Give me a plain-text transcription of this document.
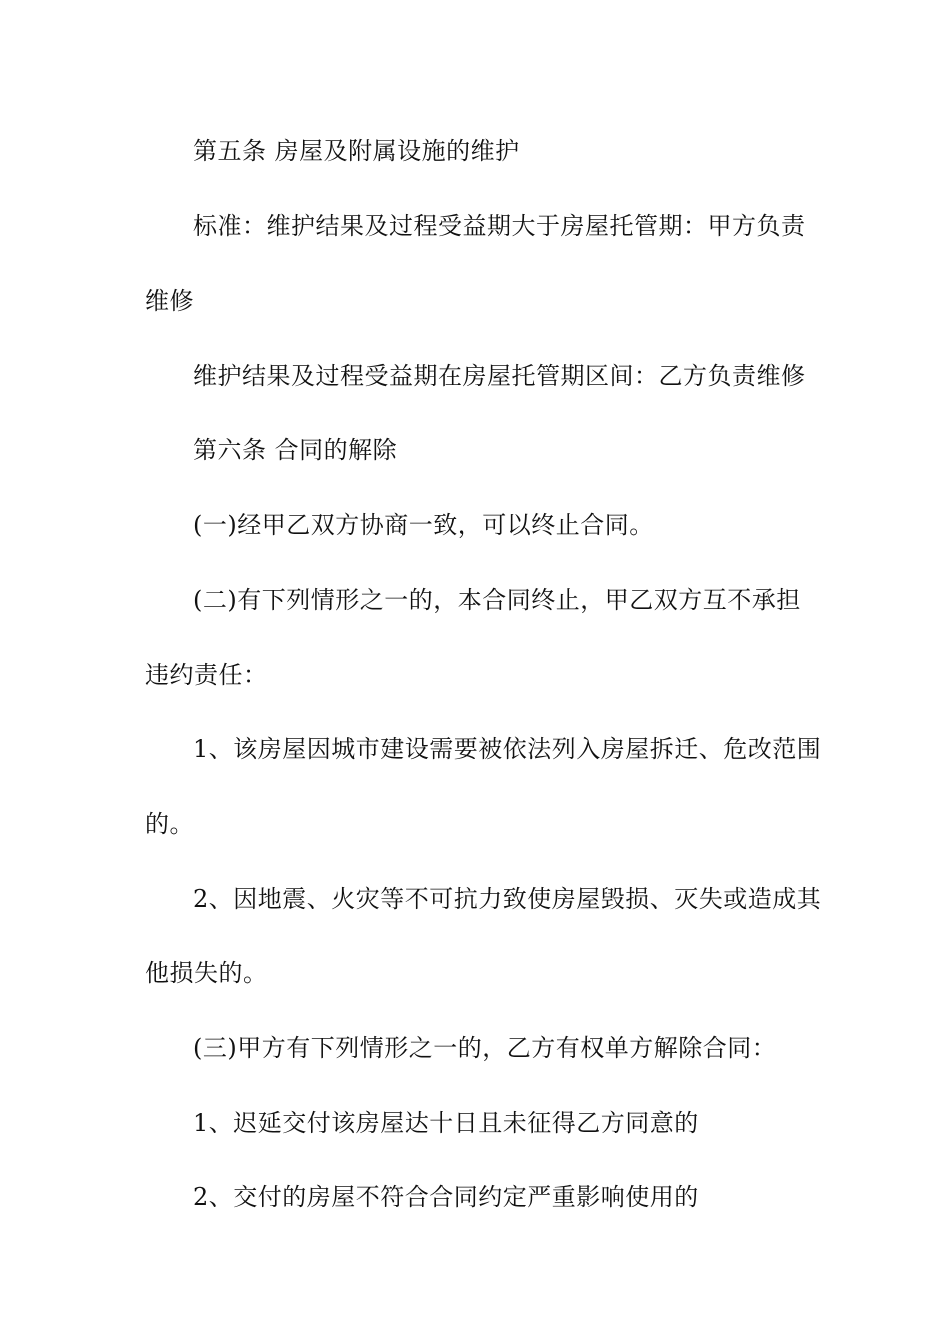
第五条 房屋及附属设施的维护
标准：维护结果及过程受益期大于房屋托管期：甲方负责
维修
维护结果及过程受益期在房屋托管期区间：乙方负责维修
第六条 合同的解除
(一)经甲乙双方协商一致，可以终止合同。
(二)有下列情形之一的，本合同终止，甲乙双方互不承担
违约责任：
1、该房屋因城市建设需要被依法列入房屋拆迁、危改范围
的。
2、因地震、火灾等不可抗力致使房屋毁损、灭失或造成其
他损失的。
(三)甲方有下列情形之一的，乙方有权单方解除合同：
1、迟延交付该房屋达十日且未征得乙方同意的
2、交付的房屋不符合合同约定严重影响使用的
